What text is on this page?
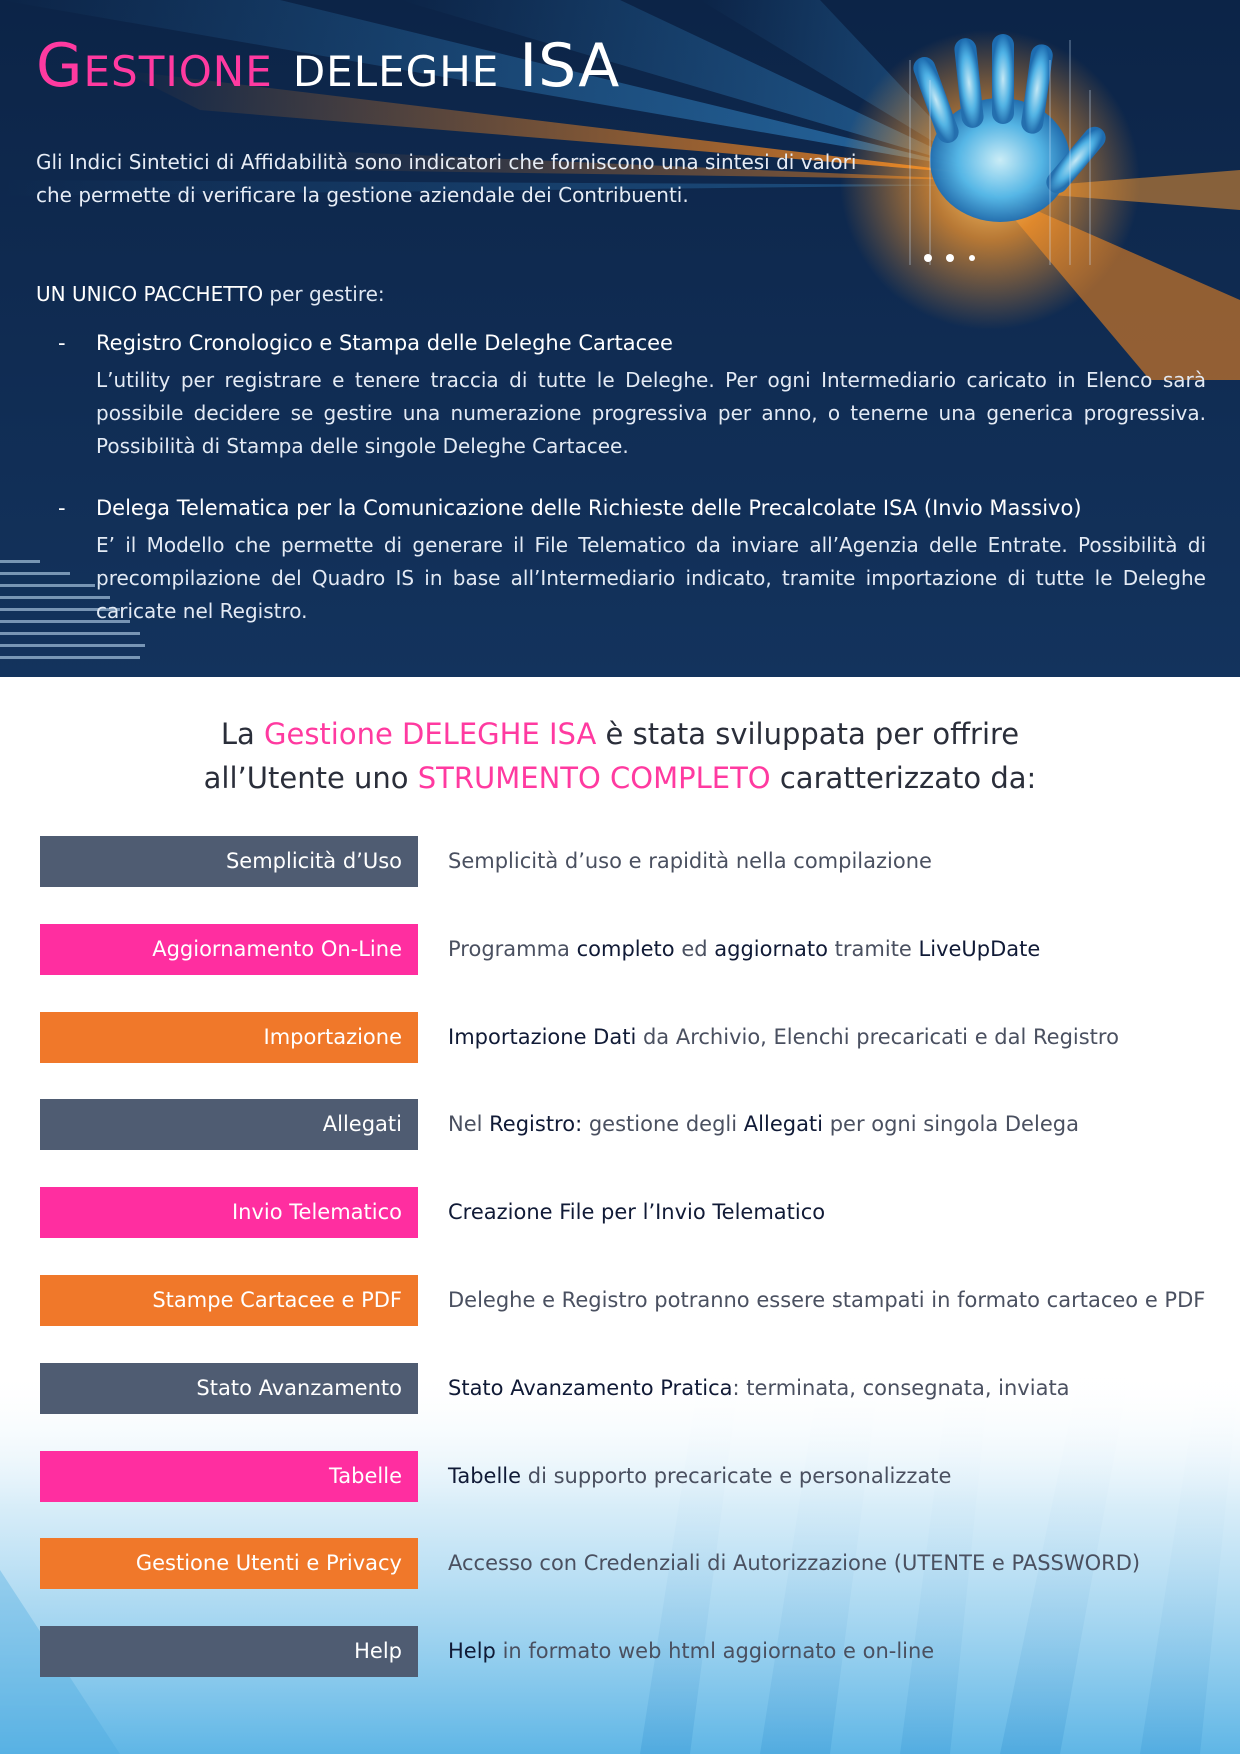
Gestione deleghe ISA

Gli Indici Sintetici di Affidabilità sono indicatori che forniscono una sintesi di valori
che permette di verificare la gestione aziendale dei Contribuenti.

UN UNICO PACCHETTO per gestire:

- Registro Cronologico e Stampa delle Deleghe Cartacee
L’utility per registrare e tenere traccia di tutte le Deleghe. Per ogni Intermediario caricato in Elenco sarà possibile decidere se gestire una numerazione progressiva per anno, o tenerne una generica progressiva. Possibilità di Stampa delle singole Deleghe Cartacee.
- Delega Telematica per la Comunicazione delle Richieste delle Precalcolate ISA (Invio Massivo)
E’ il Modello che permette di generare il File Telematico da inviare all’Agenzia delle Entrate. Possibilità di precompilazione del Quadro IS in base all’Intermediario indicato, tramite importazione di tutte le Deleghe caricate nel Registro.

La Gestione DELEGHE ISA è stata sviluppata per offrire
all’Utente uno STRUMENTO COMPLETO caratterizzato da:

Semplicità d’Uso	Semplicità d’uso e rapidità nella compilazione
Aggiornamento On-Line	Programma completo ed aggiornato tramite LiveUpDate
Importazione	Importazione Dati da Archivio, Elenchi precaricati e dal Registro
Allegati	Nel Registro: gestione degli Allegati per ogni singola Delega
Invio Telematico	Creazione File per l’Invio Telematico
Stampe Cartacee e PDF	Deleghe e Registro potranno essere stampati in formato cartaceo e PDF
Stato Avanzamento	Stato Avanzamento Pratica: terminata, consegnata, inviata
Tabelle	Tabelle di supporto precaricate e personalizzate
Gestione Utenti e Privacy	Accesso con Credenziali di Autorizzazione (UTENTE e PASSWORD)
Help	Help in formato web html aggiornato e on-line
